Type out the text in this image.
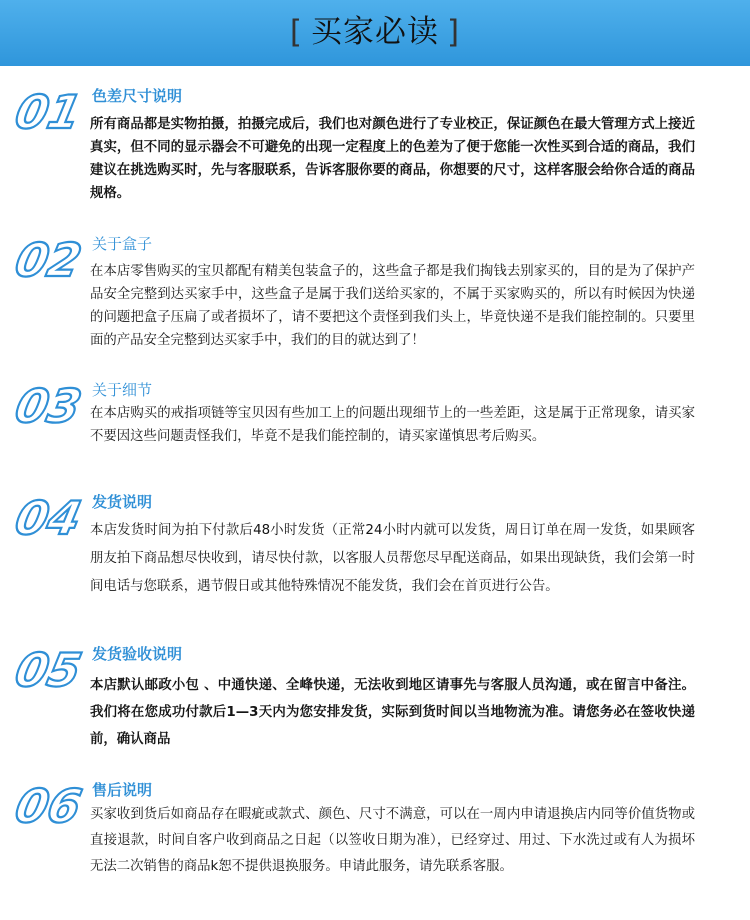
[ 买家必读 ]
01 色差尺寸说明
所有商品都是实物拍摄，拍摄完成后，我们也对颜色进行了专业校正，保证颜色在最大管理方式上接近真实，但不同的显示器会不可避免的出现一定程度上的色差为了便于您能一次性买到合适的商品，我们建议在挑选购买时，先与客服联系，告诉客服你要的商品，你想要的尺寸，这样客服会给你合适的商品规格。
02 关于盒子
在本店零售购买的宝贝都配有精美包装盒子的，这些盒子都是我们掏钱去别家买的，目的是为了保护产品安全完整到达买家手中，这些盒子是属于我们送给买家的，不属于买家购买的，所以有时候因为快递的问题把盒子压扁了或者损坏了，请不要把这个责怪到我们头上，毕竟快递不是我们能控制的。只要里面的产品安全完整到达买家手中，我们的目的就达到了！
03 关于细节
在本店购买的戒指项链等宝贝因有些加工上的问题出现细节上的一些差距，这是属于正常现象，请买家不要因这些问题责怪我们，毕竟不是我们能控制的，请买家谨慎思考后购买。
04 发货说明
本店发货时间为拍下付款后48小时发货（正常24小时内就可以发货，周日订单在周一发货，如果顾客朋友拍下商品想尽快收到，请尽快付款，以客服人员帮您尽早配送商品，如果出现缺货，我们会第一时间电话与您联系，遇节假日或其他特殊情况不能发货，我们会在首页进行公告。
05 发货验收说明
本店默认邮政小包 、中通快递、全峰快递，无法收到地区请事先与客服人员沟通，或在留言中备注。我们将在您成功付款后1—3天内为您安排发货，实际到货时间以当地物流为准。请您务必在签收快递前，确认商品
06 售后说明
买家收到货后如商品存在暇疵或款式、颜色、尺寸不满意，可以在一周内申请退换店内同等价值货物或直接退款，时间自客户收到商品之日起（以签收日期为准），已经穿过、用过、下水洗过或有人为损坏无法二次销售的商品k恕不提供退换服务。申请此服务，请先联系客服。
